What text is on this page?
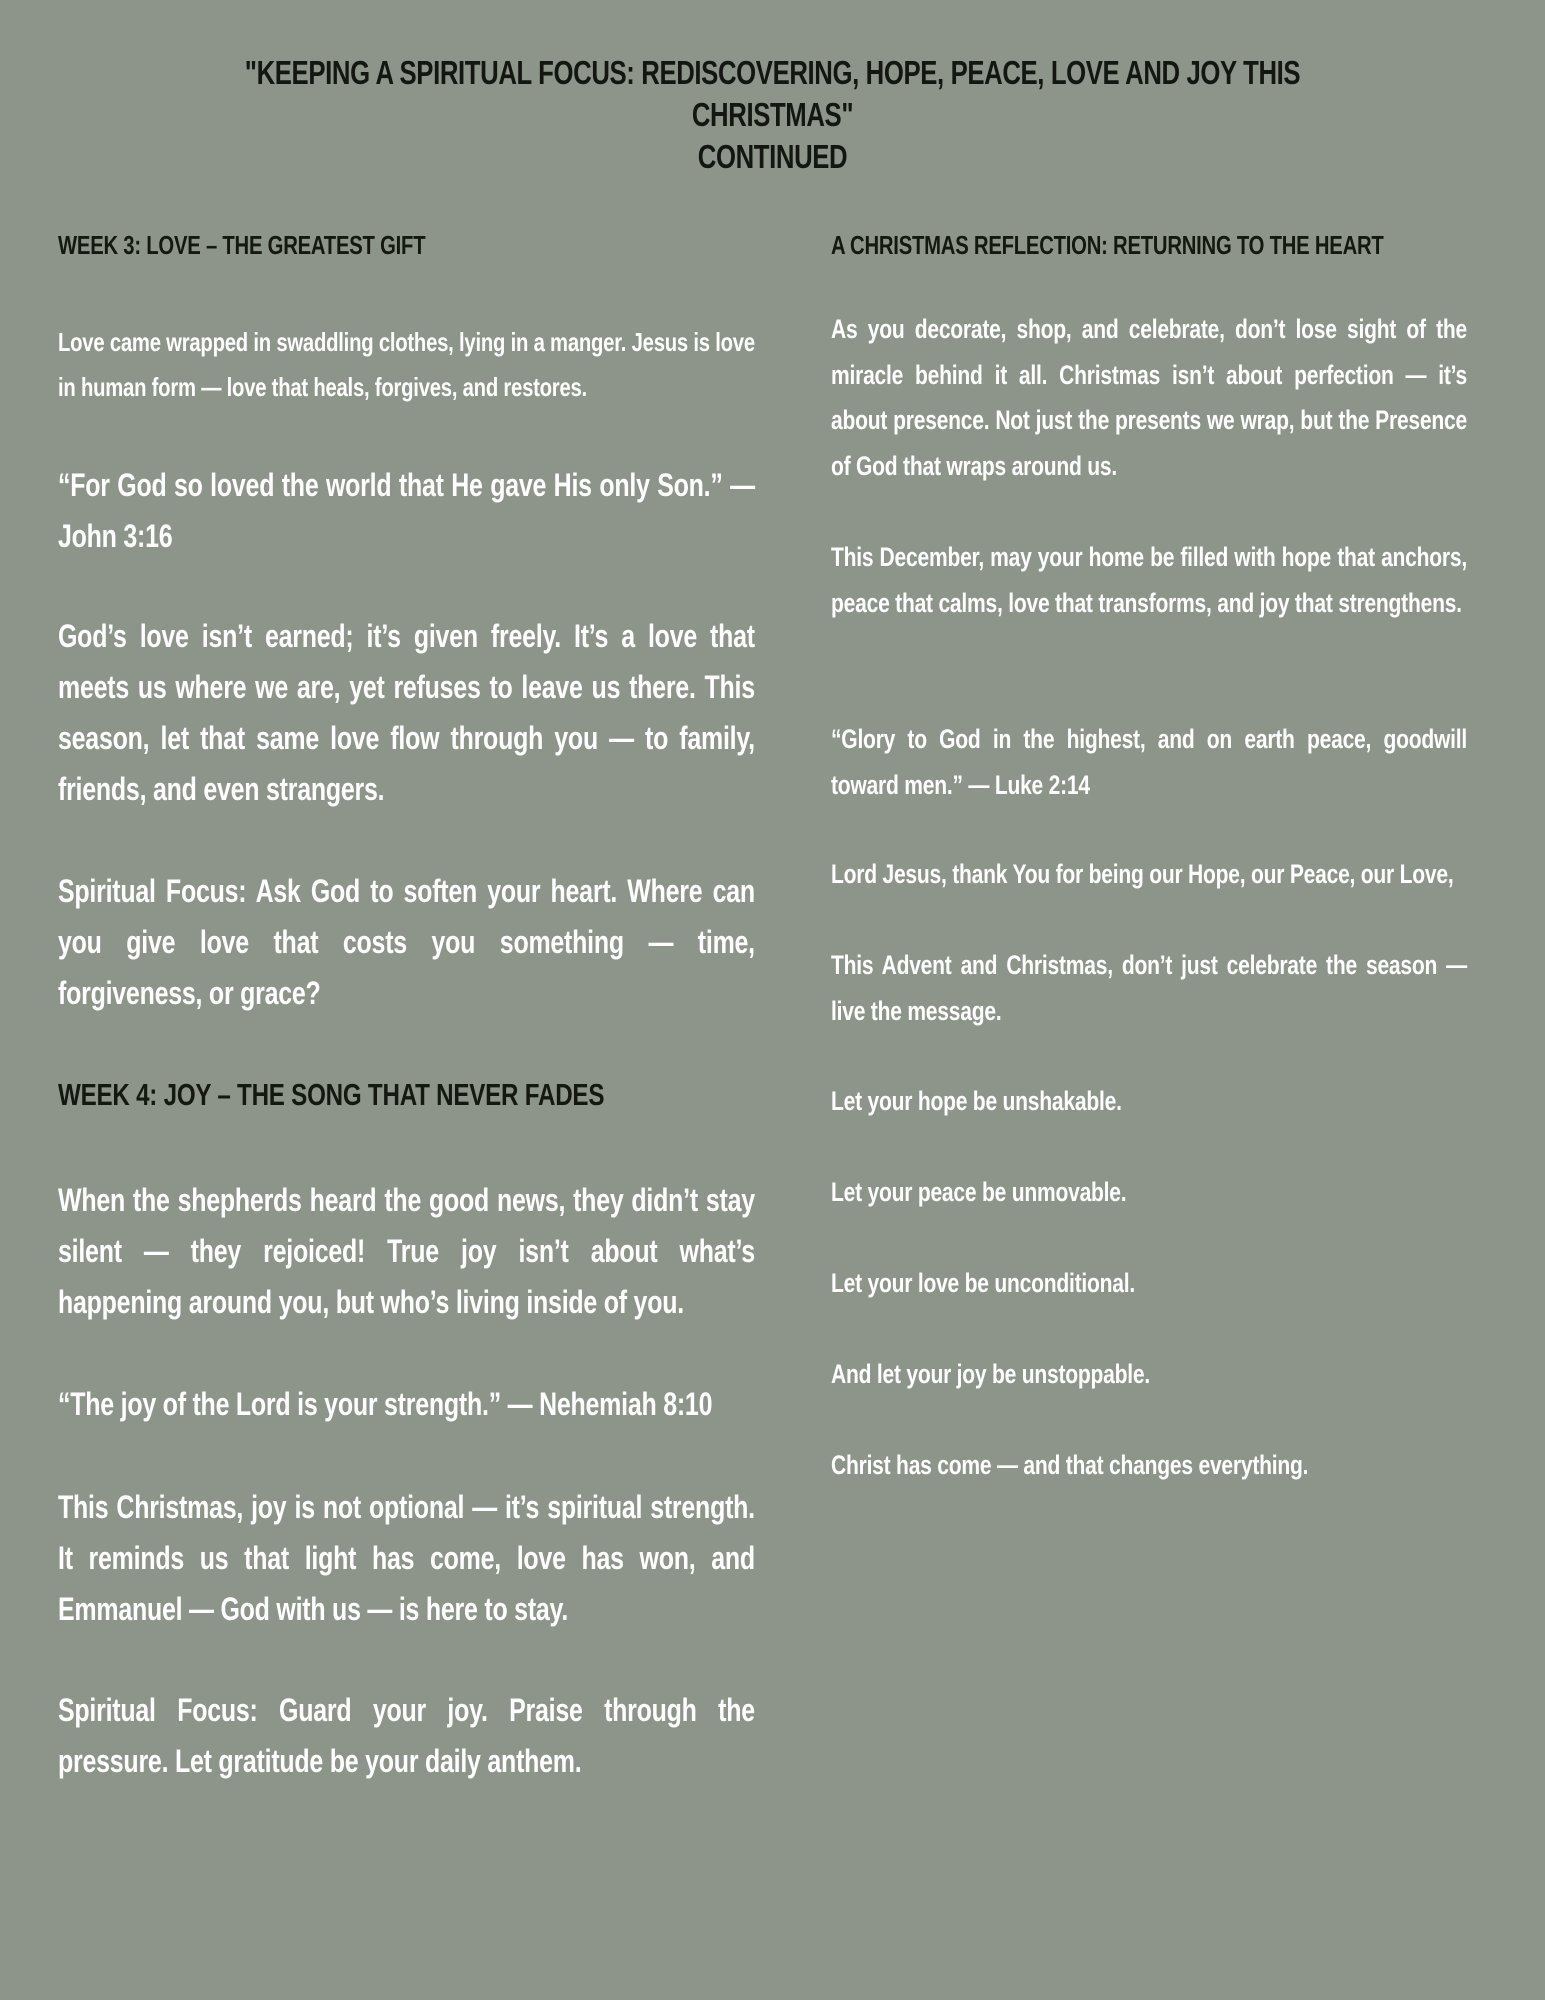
"KEEPING A SPIRITUAL FOCUS: REDISCOVERING, HOPE, PEACE, LOVE AND JOY THIS CHRISTMAS"
CONTINUED
WEEK 3: LOVE – THE GREATEST GIFT
Love came wrapped in swaddling clothes, lying in a manger. Jesus is love in human form — love that heals, forgives, and restores.
“For God so loved the world that He gave His only Son.” — John 3:16
God’s love isn’t earned; it’s given freely. It’s a love that meets us where we are, yet refuses to leave us there. This season, let that same love flow through you — to family, friends, and even strangers.
Spiritual Focus: Ask God to soften your heart. Where can you give love that costs you something — time, forgiveness, or grace?
WEEK 4: JOY – THE SONG THAT NEVER FADES
When the shepherds heard the good news, they didn’t stay silent — they rejoiced! True joy isn’t about what’s happening around you, but who’s living inside of you.
“The joy of the Lord is your strength.” — Nehemiah 8:10
This Christmas, joy is not optional — it’s spiritual strength. It reminds us that light has come, love has won, and Emmanuel — God with us — is here to stay.
Spiritual Focus: Guard your joy. Praise through the pressure. Let gratitude be your daily anthem.
A CHRISTMAS REFLECTION: RETURNING TO THE HEART
As you decorate, shop, and celebrate, don’t lose sight of the miracle behind it all. Christmas isn’t about perfection — it’s about presence. Not just the presents we wrap, but the Presence of God that wraps around us.
This December, may your home be filled with hope that anchors, peace that calms, love that transforms, and joy that strengthens.
“Glory to God in the highest, and on earth peace, goodwill toward men.” — Luke 2:14
Lord Jesus, thank You for being our Hope, our Peace, our Love,
This Advent and Christmas, don’t just celebrate the season — live the message.
Let your hope be unshakable.
Let your peace be unmovable.
Let your love be unconditional.
And let your joy be unstoppable.
Christ has come — and that changes everything.
